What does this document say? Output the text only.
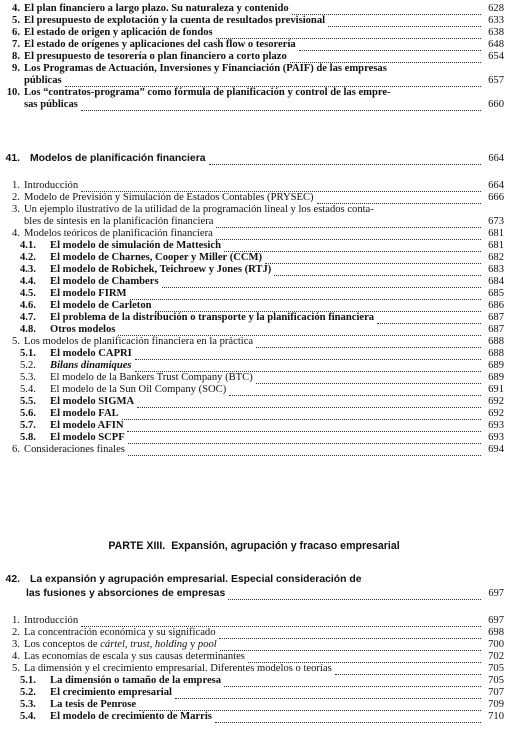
4. El plan financiero a largo plazo. Su naturaleza y contenido	628
5. El presupuesto de explotación y la cuenta de resultados previsional	633
6. El estado de origen y aplicación de fondos	638
7. El estado de orígenes y aplicaciones del cash flow o tesorería	648
8. El presupuesto de tesorería o plan financiero a corto plazo	654
9. Los Programas de Actuación, Inversiones y Financiación (PAIF) de las empresas
públicas	657
10. Los “contratos-programa” como fórmula de planificación y control de las empre-
sas públicas	660
41. Modelos de planificación financiera	664
1. Introducción	664
2. Modelo de Previsión y Simulación de Estados Contables (PRYSEC)	666
3. Un ejemplo ilustrativo de la utilidad de la programación lineal y los estados conta-
bles de síntesis en la planificación financiera	673
4. Modelos teóricos de planificación financiera	681
4.1.	El modelo de simulación de Mattesich	681
4.2.	El modelo de Charnes, Cooper y Miller (CCM)	682
4.3.	El modelo de Robichek, Teichroew y Jones (RTJ)	683
4.4.	El modelo de Chambers	684
4.5.	El modelo FIRM	685
4.6.	El modelo de Carleton	686
4.7.	El problema de la distribución o transporte y la planificación financiera	687
4.8.	Otros modelos	687
5. Los modelos de planificación financiera en la práctica	688
5.1.	El modelo CAPRI	688
5.2.	Bilans dinamiques	689
5.3.	El modelo de la Bankers Trust Company (BTC)	689
5.4.	El modelo de la Sun Oil Company (SOC)	691
5.5.	El modelo SIGMA	692
5.6.	El modelo FAL	692
5.7.	El modelo AFIN	693
5.8.	El modelo SCPF	693
6. Consideraciones finales	694
PARTE XIII. Expansión, agrupación y fracaso empresarial
42. La expansión y agrupación empresarial. Especial consideración de
las fusiones y absorciones de empresas	697
1. Introducción	697
2. La concentración económica y su significado	698
3. Los conceptos de cártel, trust, holding y pool	700
4. Las economías de escala y sus causas determinantes	702
5. La dimensión y el crecimiento empresarial. Diferentes modelos o teorías	705
5.1.	La dimensión o tamaño de la empresa	705
5.2.	El crecimiento empresarial	707
5.3.	La tesis de Penrose	709
5.4.	El modelo de crecimiento de Marris	710
